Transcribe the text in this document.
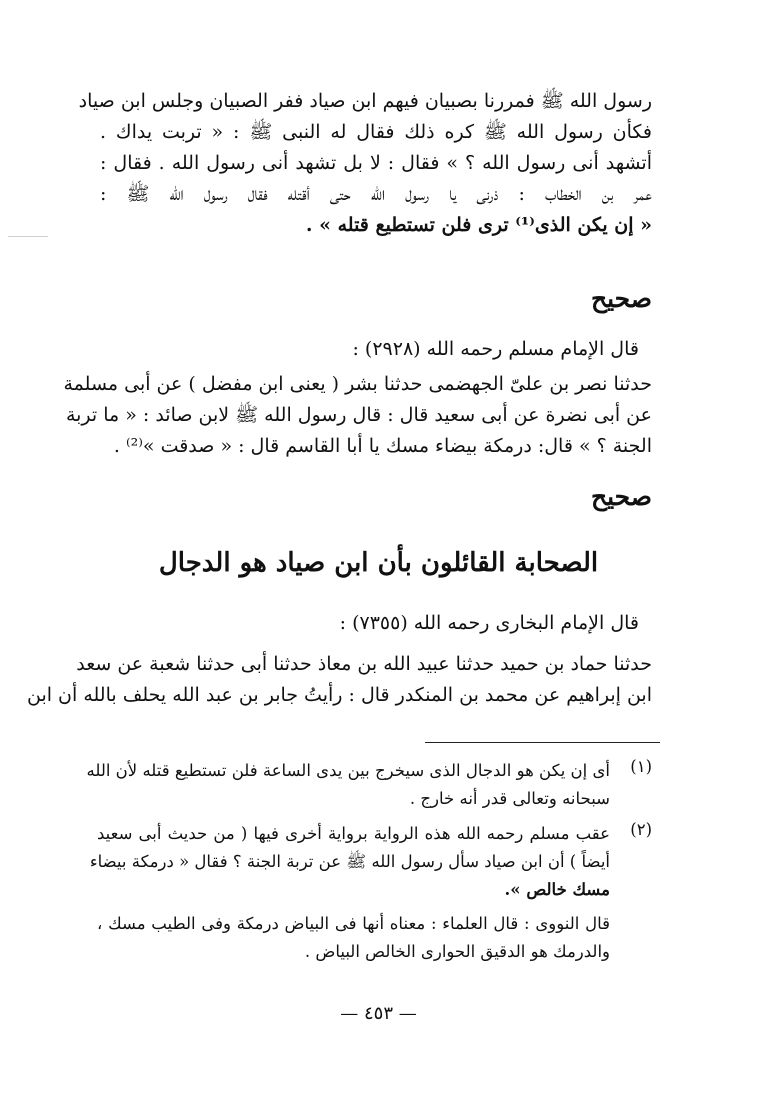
رسول الله ﷺ فمررنا بصبيان فيهم ابن صياد ففر الصبيان وجلس ابن صياد
فكأن رسول الله ﷺ كره ذلك فقال له النبى ﷺ : « تربت يداك .
أتشهد أنى رسول الله ؟ » فقال : لا بل تشهد أنى رسول الله . فقال :
عمر بن الخطاب : ذرنى يا رسول الله حتى أقتله فقال رسول الله ﷺ :
« إن يكن الذى⁽¹⁾ ترى فلن تستطيع قتله » .
صحيح
قال الإمام مسلم رحمه الله (٢٩٢٨) :
حدثنا نصر بن علىّ الجهضمى حدثنا بشر ( يعنى ابن مفضل ) عن أبى مسلمة
عن أبى نضرة عن أبى سعيد قال : قال رسول الله ﷺ لابن صائد : « ما تربة
الجنة ؟ » قال: درمكة بيضاء مسك يا أبا القاسم قال : « صدقت »⁽²⁾ .
صحيح
الصحابة القائلون بأن ابن صياد هو الدجال
قال الإمام البخارى رحمه الله (٧٣٥٥) :
حدثنا حماد بن حميد حدثنا عبيد الله بن معاذ حدثنا أبى حدثنا شعبة عن سعد
ابن إبراهيم عن محمد بن المنكدر قال : رأيتُ جابر بن عبد الله يحلف بالله أن ابن
(١)
أى إن يكن هو الدجال الذى سيخرج بين يدى الساعة فلن تستطيع قتله لأن الله
سبحانه وتعالى قدر أنه خارج .
(٢)
عقب مسلم رحمه الله هذه الرواية برواية أخرى فيها ( من حديث أبى سعيد
أيضاً ) أن ابن صياد سأل رسول الله ﷺ عن تربة الجنة ؟ فقال « درمكة بيضاء
مسك خالص ».
قال النووى : قال العلماء : معناه أنها فى البياض درمكة وفى الطيب مسك ،
والدرمك هو الدقيق الحوارى الخالص البياض .
— ٤٥٣ —
